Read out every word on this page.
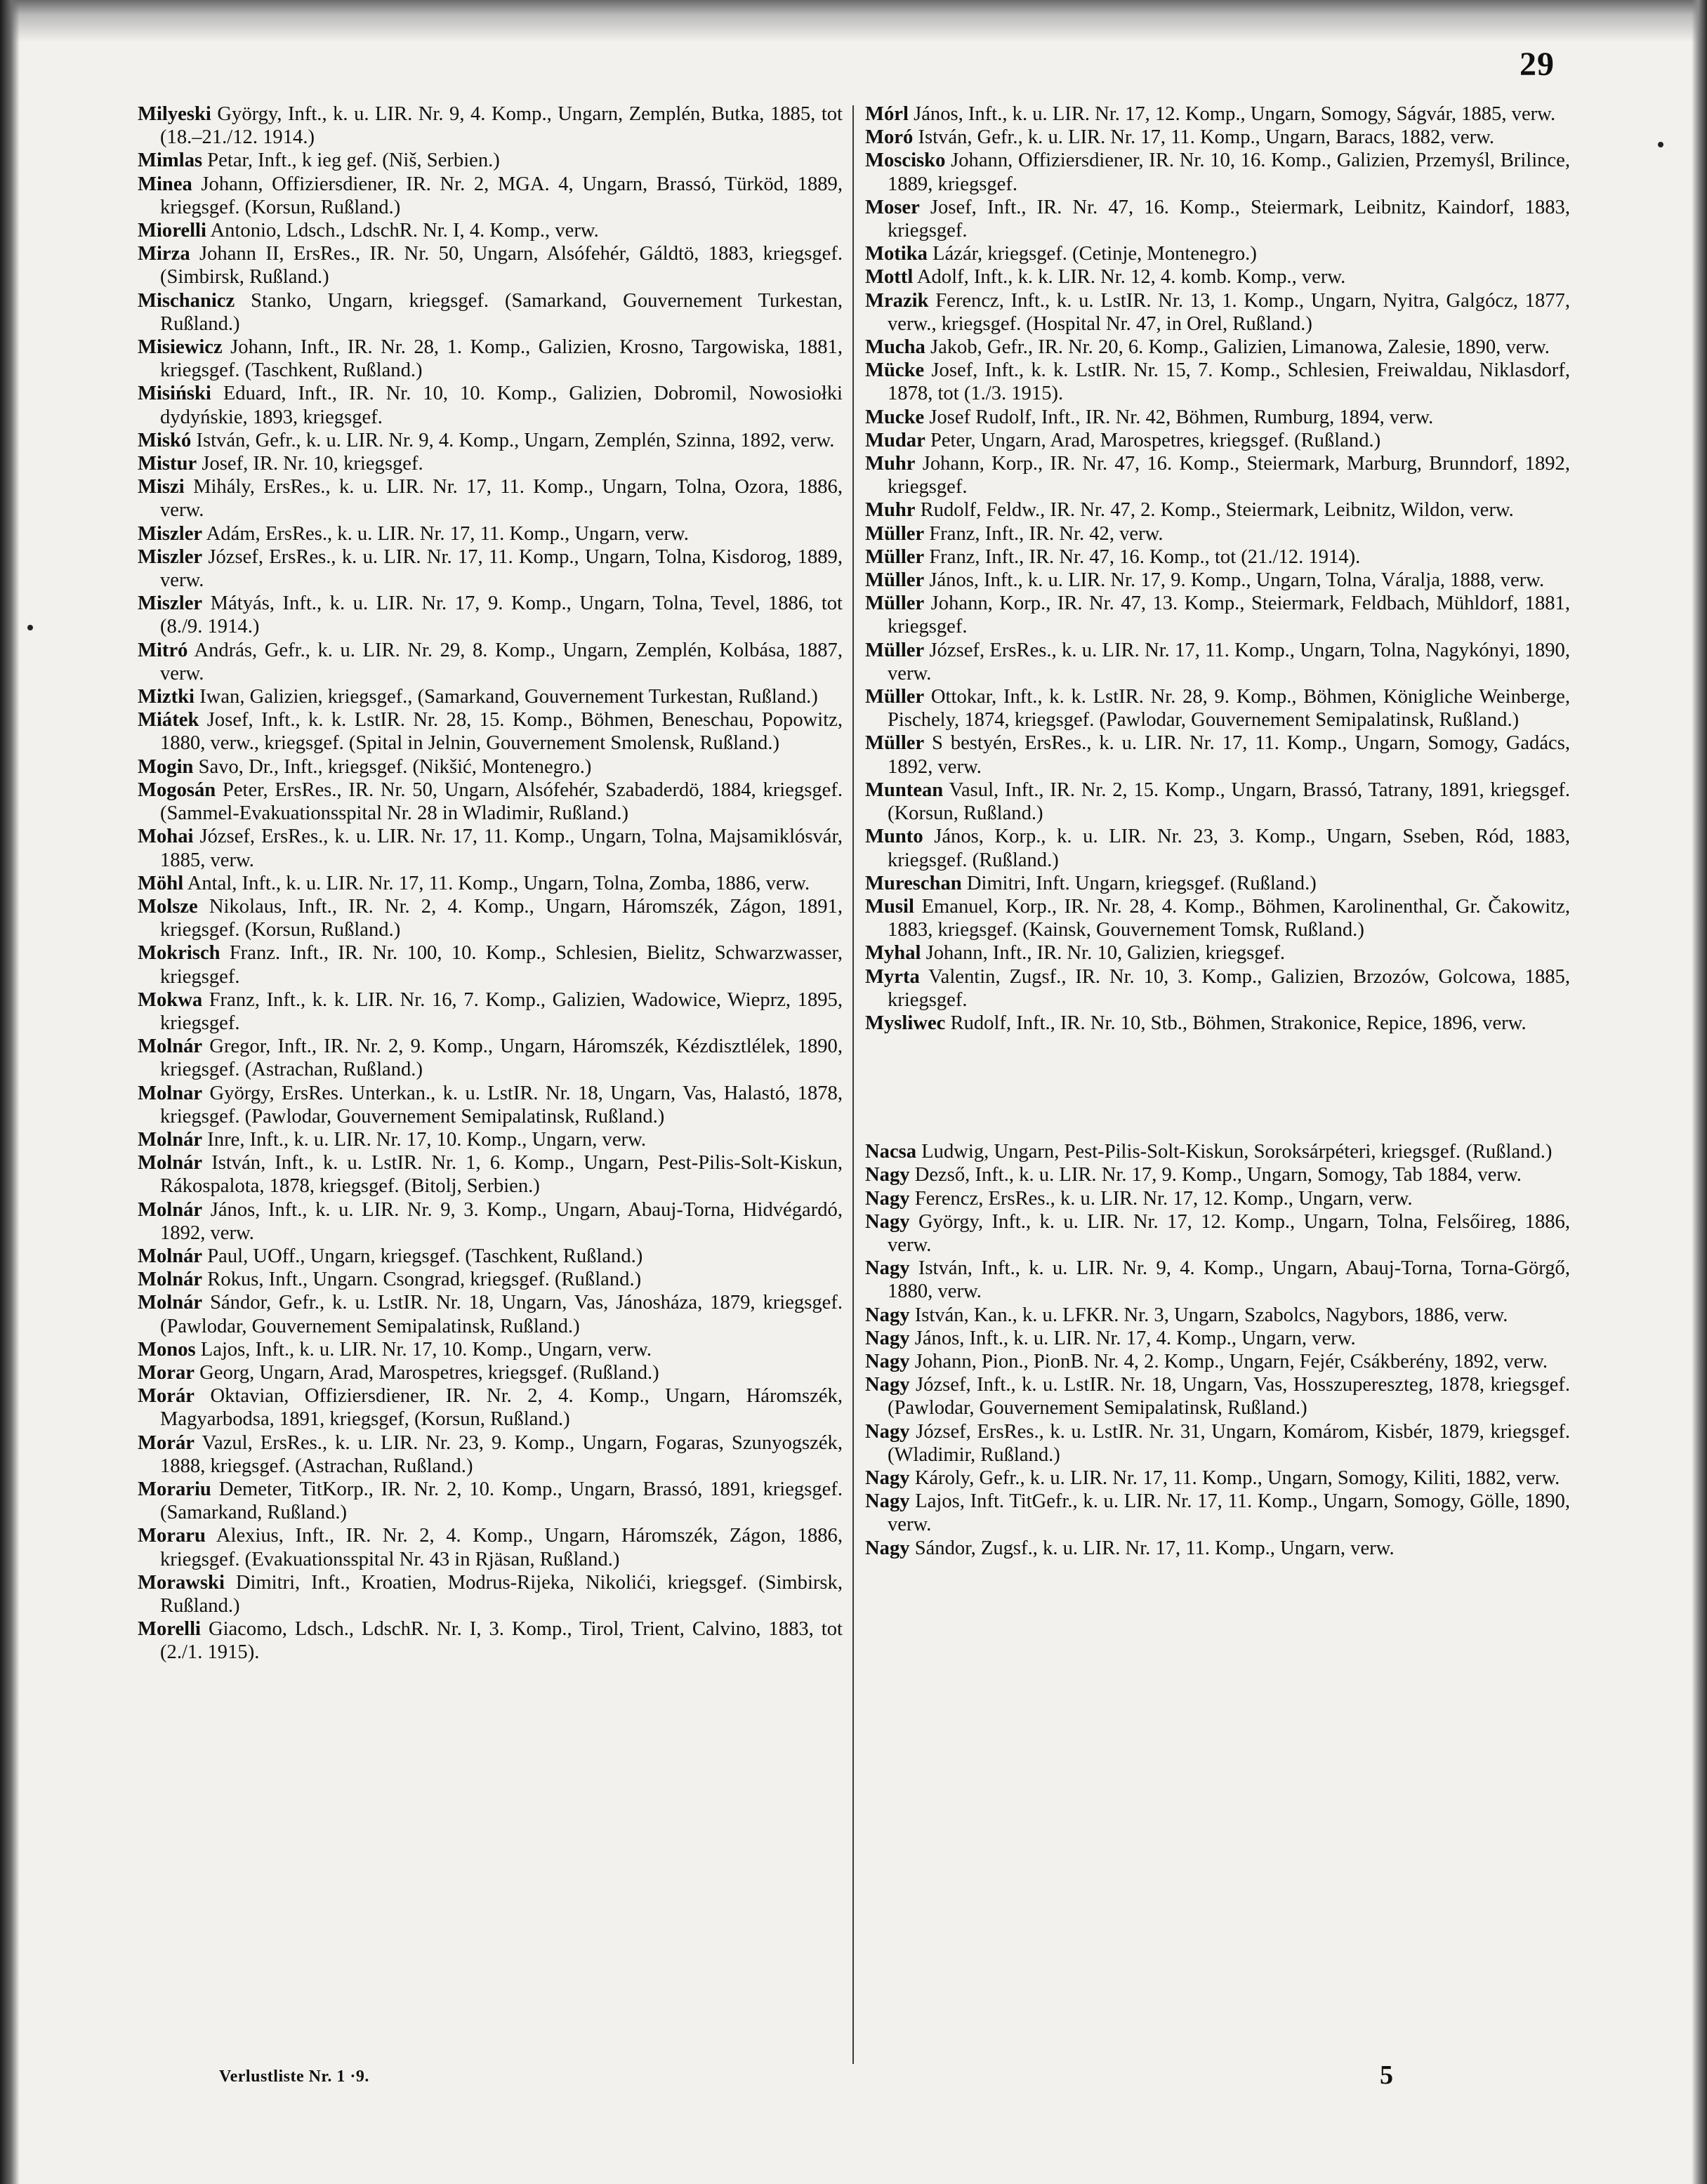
29

Milyeski György, Inft., k. u. LIR. Nr. 9, 4. Komp., Ungarn, Zemplén, Butka, 1885, tot (18.–21./12. 1914.)

Mimlas Petar, Inft., k ieg gef. (Niš, Serbien.)

Minea Johann, Offiziersdiener, IR. Nr. 2, MGA. 4, Ungarn, Brassó, Türköd, 1889, kriegsgef. (Korsun, Rußland.)

Miorelli Antonio, Ldsch., LdschR. Nr. I, 4. Komp., verw.

Mirza Johann II, ErsRes., IR. Nr. 50, Ungarn, Alsófehér, Gáldtö, 1883, kriegsgef. (Simbirsk, Rußland.)

Mischanicz Stanko, Ungarn, kriegsgef. (Samarkand, Gouvernement Turkestan, Rußland.)

Misiewicz Johann, Inft., IR. Nr. 28, 1. Komp., Galizien, Krosno, Targowiska, 1881, kriegsgef. (Taschkent, Rußland.)

Misiński Eduard, Inft., IR. Nr. 10, 10. Komp., Galizien, Dobromil, Nowosiołki dydyńskie, 1893, kriegsgef.

Miskó István, Gefr., k. u. LIR. Nr. 9, 4. Komp., Ungarn, Zemplén, Szinna, 1892, verw.

Mistur Josef, IR. Nr. 10, kriegsgef.

Miszi Mihály, ErsRes., k. u. LIR. Nr. 17, 11. Komp., Ungarn, Tolna, Ozora, 1886, verw.

Miszler Adám, ErsRes., k. u. LIR. Nr. 17, 11. Komp., Ungarn, verw.

Miszler József, ErsRes., k. u. LIR. Nr. 17, 11. Komp., Ungarn, Tolna, Kisdorog, 1889, verw.

Miszler Mátyás, Inft., k. u. LIR. Nr. 17, 9. Komp., Ungarn, Tolna, Tevel, 1886, tot (8./9. 1914.)

Mitró András, Gefr., k. u. LIR. Nr. 29, 8. Komp., Ungarn, Zemplén, Kolbása, 1887, verw.

Miztki Iwan, Galizien, kriegsgef., (Samarkand, Gouvernement Turkestan, Rußland.)

Miátek Josef, Inft., k. k. LstIR. Nr. 28, 15. Komp., Böhmen, Beneschau, Popowitz, 1880, verw., kriegsgef. (Spital in Jelnin, Gouvernement Smolensk, Rußland.)

Mogin Savo, Dr., Inft., kriegsgef. (Nikšić, Montenegro.)

Mogosán Peter, ErsRes., IR. Nr. 50, Ungarn, Alsófehér, Szabaderdö, 1884, kriegsgef. (Sammel-Evakuationsspital Nr. 28 in Wladimir, Rußland.)

Mohai József, ErsRes., k. u. LIR. Nr. 17, 11. Komp., Ungarn, Tolna, Majsamiklósvár, 1885, verw.

Möhl Antal, Inft., k. u. LIR. Nr. 17, 11. Komp., Ungarn, Tolna, Zomba, 1886, verw.

Molsze Nikolaus, Inft., IR. Nr. 2, 4. Komp., Ungarn, Háromszék, Zágon, 1891, kriegsgef. (Korsun, Rußland.)

Mokrisch Franz. Inft., IR. Nr. 100, 10. Komp., Schlesien, Bielitz, Schwarzwasser, kriegsgef.

Mokwa Franz, Inft., k. k. LIR. Nr. 16, 7. Komp., Galizien, Wadowice, Wieprz, 1895, kriegsgef.

Molnár Gregor, Inft., IR. Nr. 2, 9. Komp., Ungarn, Háromszék, Kézdisztlélek, 1890, kriegsgef. (Astrachan, Rußland.)

Molnar György, ErsRes. Unterkan., k. u. LstIR. Nr. 18, Ungarn, Vas, Halastó, 1878, kriegsgef. (Pawlodar, Gouvernement Semipalatinsk, Rußland.)

Molnár Inre, Inft., k. u. LIR. Nr. 17, 10. Komp., Ungarn, verw.

Molnár István, Inft., k. u. LstIR. Nr. 1, 6. Komp., Ungarn, Pest-Pilis-Solt-Kiskun, Rákospalota, 1878, kriegsgef. (Bitolj, Serbien.)

Molnár János, Inft., k. u. LIR. Nr. 9, 3. Komp., Ungarn, Abauj-Torna, Hidvégardó, 1892, verw.

Molnár Paul, UOff., Ungarn, kriegsgef. (Taschkent, Rußland.)

Molnár Rokus, Inft., Ungarn. Csongrad, kriegsgef. (Rußland.)

Molnár Sándor, Gefr., k. u. LstIR. Nr. 18, Ungarn, Vas, Jánosháza, 1879, kriegsgef. (Pawlodar, Gouvernement Semipalatinsk, Rußland.)

Monos Lajos, Inft., k. u. LIR. Nr. 17, 10. Komp., Ungarn, verw.

Morar Georg, Ungarn, Arad, Marospetres, kriegsgef. (Rußland.)

Morár Oktavian, Offiziersdiener, IR. Nr. 2, 4. Komp., Ungarn, Háromszék, Magyarbodsa, 1891, kriegsgef, (Korsun, Rußland.)

Morár Vazul, ErsRes., k. u. LIR. Nr. 23, 9. Komp., Ungarn, Fogaras, Szunyogszék, 1888, kriegsgef. (Astrachan, Rußland.)

Morariu Demeter, TitKorp., IR. Nr. 2, 10. Komp., Ungarn, Brassó, 1891, kriegsgef. (Samarkand, Rußland.)

Moraru Alexius, Inft., IR. Nr. 2, 4. Komp., Ungarn, Háromszék, Zágon, 1886, kriegsgef. (Evakuationsspital Nr. 43 in Rjäsan, Rußland.)

Morawski Dimitri, Inft., Kroatien, Modrus-Rijeka, Nikolići, kriegsgef. (Simbirsk, Rußland.)

Morelli Giacomo, Ldsch., LdschR. Nr. I, 3. Komp., Tirol, Trient, Calvino, 1883, tot (2./1. 1915).

Mórl János, Inft., k. u. LIR. Nr. 17, 12. Komp., Ungarn, Somogy, Ságvár, 1885, verw.

Moró István, Gefr., k. u. LIR. Nr. 17, 11. Komp., Ungarn, Baracs, 1882, verw.

Moscisko Johann, Offiziersdiener, IR. Nr. 10, 16. Komp., Galizien, Przemyśl, Brilince, 1889, kriegsgef.

Moser Josef, Inft., IR. Nr. 47, 16. Komp., Steiermark, Leibnitz, Kaindorf, 1883, kriegsgef.

Motika Lázár, kriegsgef. (Cetinje, Montenegro.)

Mottl Adolf, Inft., k. k. LIR. Nr. 12, 4. komb. Komp., verw.

Mrazik Ferencz, Inft., k. u. LstIR. Nr. 13, 1. Komp., Ungarn, Nyitra, Galgócz, 1877, verw., kriegsgef. (Hospital Nr. 47, in Orel, Rußland.)

Mucha Jakob, Gefr., IR. Nr. 20, 6. Komp., Galizien, Limanowa, Zalesie, 1890, verw.

Mücke Josef, Inft., k. k. LstIR. Nr. 15, 7. Komp., Schlesien, Freiwaldau, Niklasdorf, 1878, tot (1./3. 1915).

Mucke Josef Rudolf, Inft., IR. Nr. 42, Böhmen, Rumburg, 1894, verw.

Mudar Peter, Ungarn, Arad, Marospetres, kriegsgef. (Rußland.)

Muhr Johann, Korp., IR. Nr. 47, 16. Komp., Steiermark, Marburg, Brunndorf, 1892, kriegsgef.

Muhr Rudolf, Feldw., IR. Nr. 47, 2. Komp., Steiermark, Leibnitz, Wildon, verw.

Müller Franz, Inft., IR. Nr. 42, verw.

Müller Franz, Inft., IR. Nr. 47, 16. Komp., tot (21./12. 1914).

Müller János, Inft., k. u. LIR. Nr. 17, 9. Komp., Ungarn, Tolna, Váralja, 1888, verw.

Müller Johann, Korp., IR. Nr. 47, 13. Komp., Steiermark, Feldbach, Mühldorf, 1881, kriegsgef.

Müller József, ErsRes., k. u. LIR. Nr. 17, 11. Komp., Ungarn, Tolna, Nagykónyi, 1890, verw.

Müller Ottokar, Inft., k. k. LstIR. Nr. 28, 9. Komp., Böhmen, Königliche Weinberge, Pischely, 1874, kriegsgef. (Pawlodar, Gouvernement Semipalatinsk, Rußland.)

Müller S bestyén, ErsRes., k. u. LIR. Nr. 17, 11. Komp., Ungarn, Somogy, Gadács, 1892, verw.

Muntean Vasul, Inft., IR. Nr. 2, 15. Komp., Ungarn, Brassó, Tatrany, 1891, kriegsgef. (Korsun, Rußland.)

Munto János, Korp., k. u. LIR. Nr. 23, 3. Komp., Ungarn, Sseben, Ród, 1883, kriegsgef. (Rußland.)

Mureschan Dimitri, Inft. Ungarn, kriegsgef. (Rußland.)

Musil Emanuel, Korp., IR. Nr. 28, 4. Komp., Böhmen, Karolinenthal, Gr. Čakowitz, 1883, kriegsgef. (Kainsk, Gouvernement Tomsk, Rußland.)

Myhal Johann, Inft., IR. Nr. 10, Galizien, kriegsgef.

Myrta Valentin, Zugsf., IR. Nr. 10, 3. Komp., Galizien, Brzozów, Golcowa, 1885, kriegsgef.

Mysliwec Rudolf, Inft., IR. Nr. 10, Stb., Böhmen, Strakonice, Repice, 1896, verw.

Nacsa Ludwig, Ungarn, Pest-Pilis-Solt-Kiskun, Soroksárpéteri, kriegsgef. (Rußland.)

Nagy Dezső, Inft., k. u. LIR. Nr. 17, 9. Komp., Ungarn, Somogy, Tab 1884, verw.

Nagy Ferencz, ErsRes., k. u. LIR. Nr. 17, 12. Komp., Ungarn, verw.

Nagy György, Inft., k. u. LIR. Nr. 17, 12. Komp., Ungarn, Tolna, Felsőireg, 1886, verw.

Nagy István, Inft., k. u. LIR. Nr. 9, 4. Komp., Ungarn, Abauj-Torna, Torna-Görgő, 1880, verw.

Nagy István, Kan., k. u. LFKR. Nr. 3, Ungarn, Szabolcs, Nagybors, 1886, verw.

Nagy János, Inft., k. u. LIR. Nr. 17, 4. Komp., Ungarn, verw.

Nagy Johann, Pion., PionB. Nr. 4, 2. Komp., Ungarn, Fejér, Csákberény, 1892, verw.

Nagy József, Inft., k. u. LstIR. Nr. 18, Ungarn, Vas, Hosszupereszteg, 1878, kriegsgef. (Pawlodar, Gouvernement Semipalatinsk, Rußland.)

Nagy József, ErsRes., k. u. LstIR. Nr. 31, Ungarn, Komárom, Kisbér, 1879, kriegsgef. (Wladimir, Rußland.)

Nagy Károly, Gefr., k. u. LIR. Nr. 17, 11. Komp., Ungarn, Somogy, Kiliti, 1882, verw.

Nagy Lajos, Inft. TitGefr., k. u. LIR. Nr. 17, 11. Komp., Ungarn, Somogy, Gölle, 1890, verw.

Nagy Sándor, Zugsf., k. u. LIR. Nr. 17, 11. Komp., Ungarn, verw.

Verlustliste Nr. 1 ·9.	5
